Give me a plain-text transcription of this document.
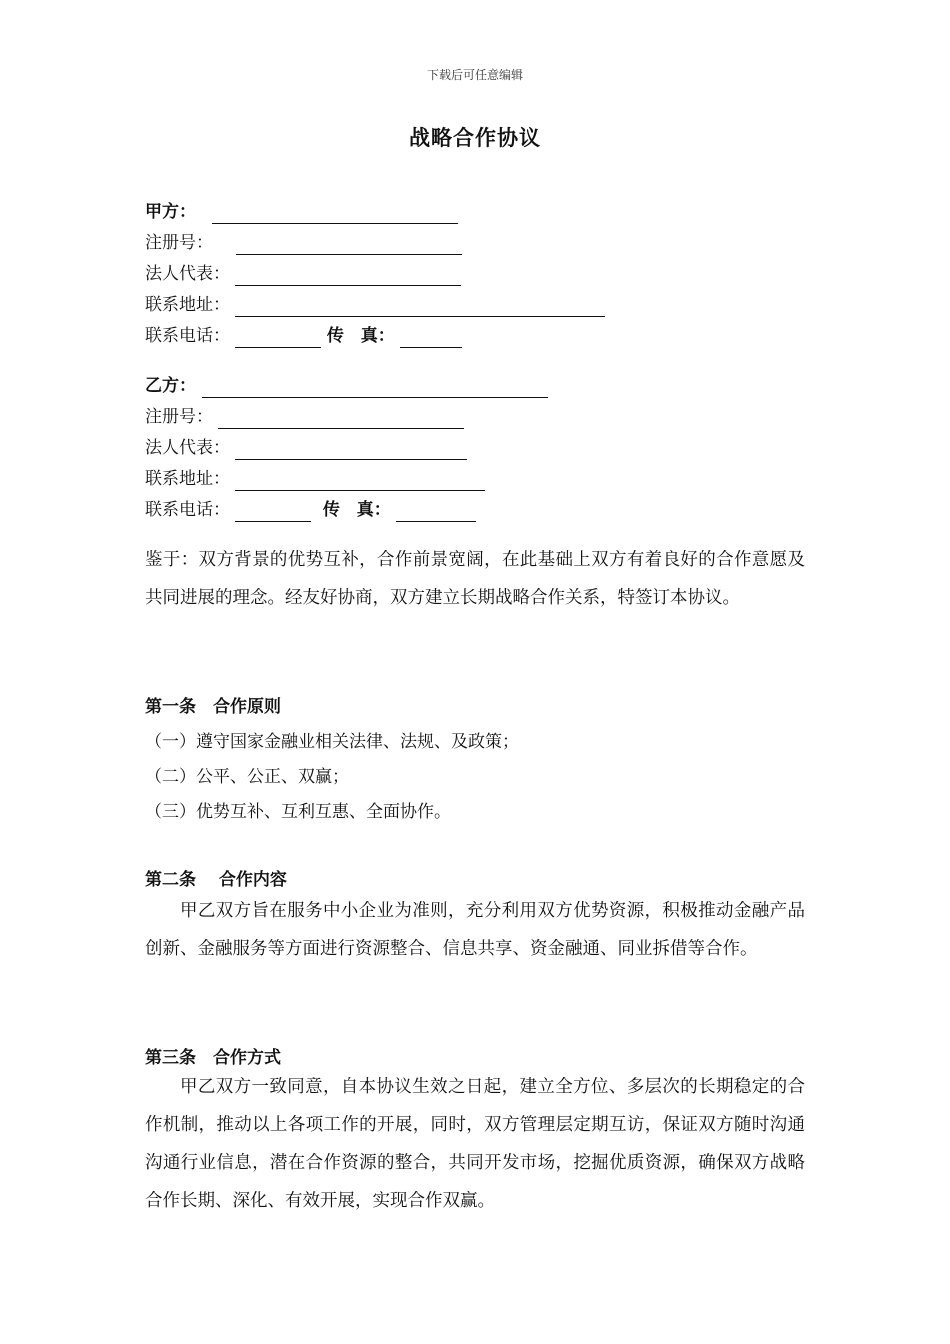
下载后可任意编辑
战略合作协议
甲方：
注册号：
法人代表：
联系地址：
联系电话：	传　真：
乙方：
注册号：
法人代表：
联系地址：
联系电话：	传　真：
鉴于：双方背景的优势互补，合作前景宽阔，在此基础上双方有着良好的合作意愿及共同进展的理念。经友好协商，双方建立长期战略合作关系，特签订本协议。
第一条　合作原则
（一）遵守国家金融业相关法律、法规、及政策；
（二）公平、公正、双赢；
（三）优势互补、互利互惠、全面协作。
第二条　 合作内容
甲乙双方旨在服务中小企业为准则，充分利用双方优势资源，积极推动金融产品创新、金融服务等方面进行资源整合、信息共享、资金融通、同业拆借等合作。
第三条　合作方式
甲乙双方一致同意，自本协议生效之日起，建立全方位、多层次的长期稳定的合作机制，推动以上各项工作的开展，同时，双方管理层定期互访，保证双方随时沟通沟通行业信息，潜在合作资源的整合，共同开发市场，挖掘优质资源，确保双方战略合作长期、深化、有效开展，实现合作双赢。
